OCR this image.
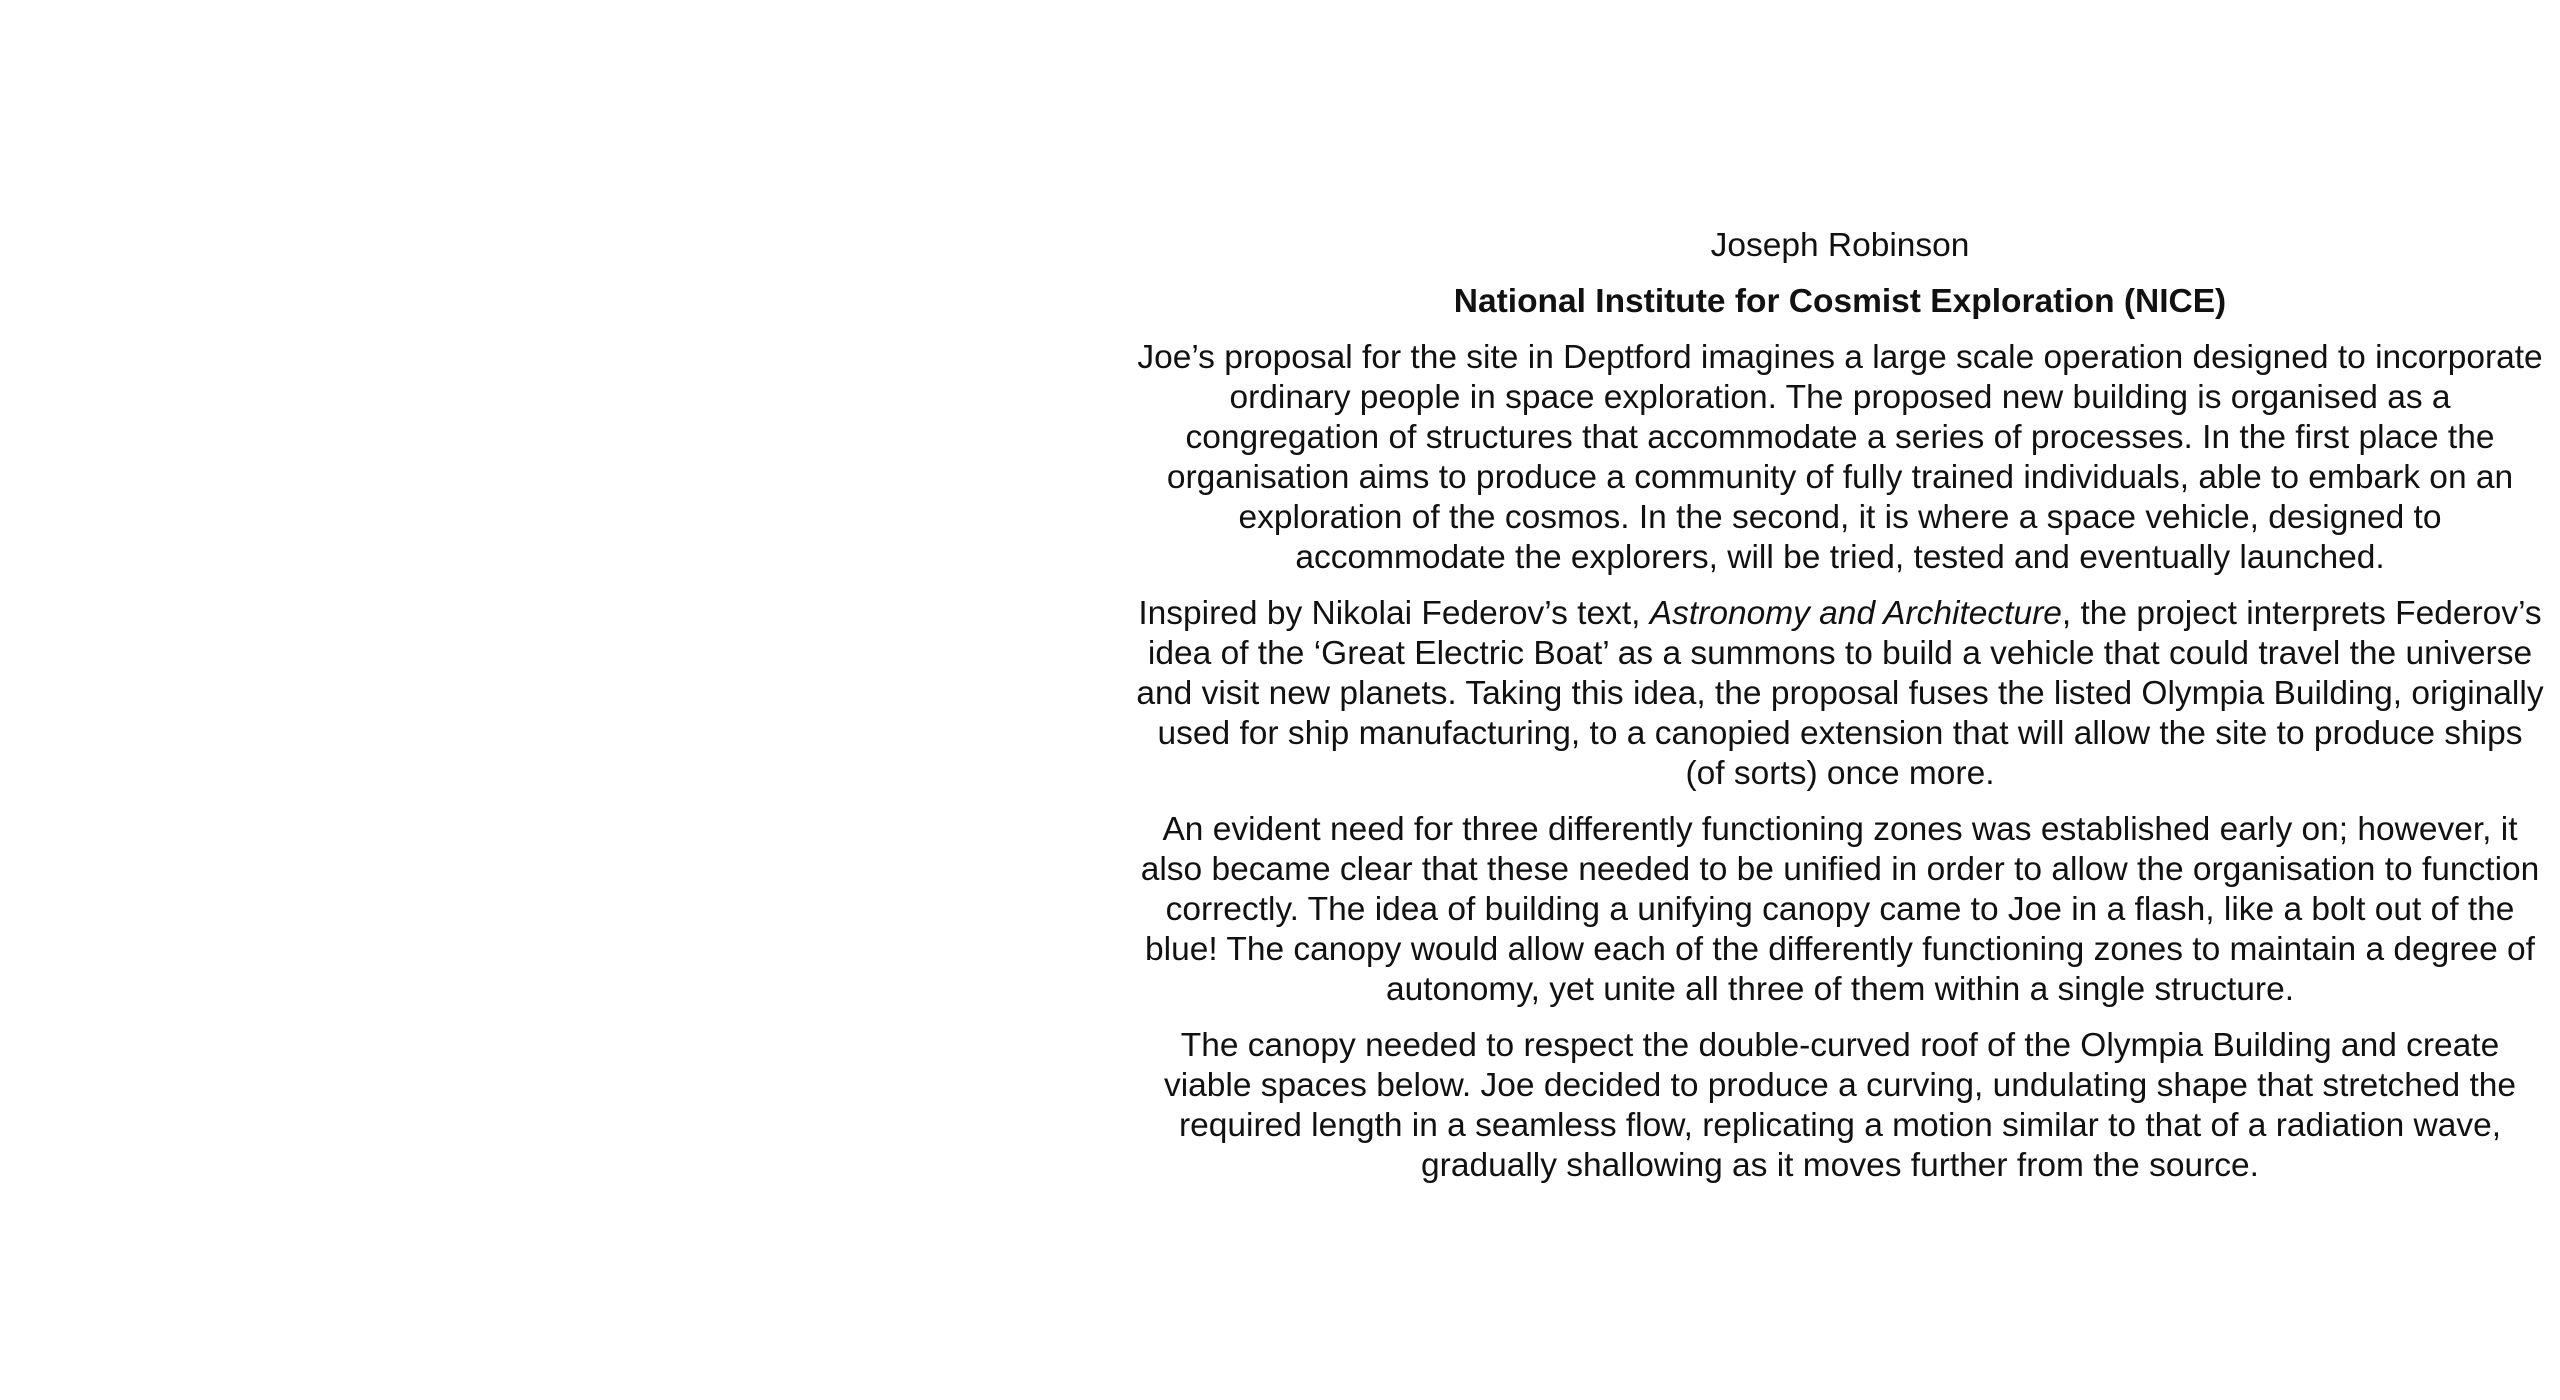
Joseph Robinson

National Institute for Cosmist Exploration (NICE)

Joe’s proposal for the site in Deptford imagines a large scale operation designed to incorporate ordinary people in space exploration. The proposed new building is organised as a congregation of structures that accommodate a series of processes. In the first place the organisation aims to produce a community of fully trained individuals, able to embark on an exploration of the cosmos. In the second, it is where a space vehicle, designed to accommodate the explorers, will be tried, tested and eventually launched.

Inspired by Nikolai Federov’s text, Astronomy and Architecture, the project interprets Federov’s idea of the ‘Great Electric Boat’ as a summons to build a vehicle that could travel the universe and visit new planets. Taking this idea, the proposal fuses the listed Olympia Building, originally used for ship manufacturing, to a canopied extension that will allow the site to produce ships (of sorts) once more.

An evident need for three differently functioning zones was established early on; however, it also became clear that these needed to be unified in order to allow the organisation to function correctly. The idea of building a unifying canopy came to Joe in a flash, like a bolt out of the blue! The canopy would allow each of the differently functioning zones to maintain a degree of autonomy, yet unite all three of them within a single structure.

The canopy needed to respect the double-curved roof of the Olympia Building and create viable spaces below. Joe decided to produce a curving, undulating shape that stretched the required length in a seamless flow, replicating a motion similar to that of a radiation wave, gradually shallowing as it moves further from the source.
